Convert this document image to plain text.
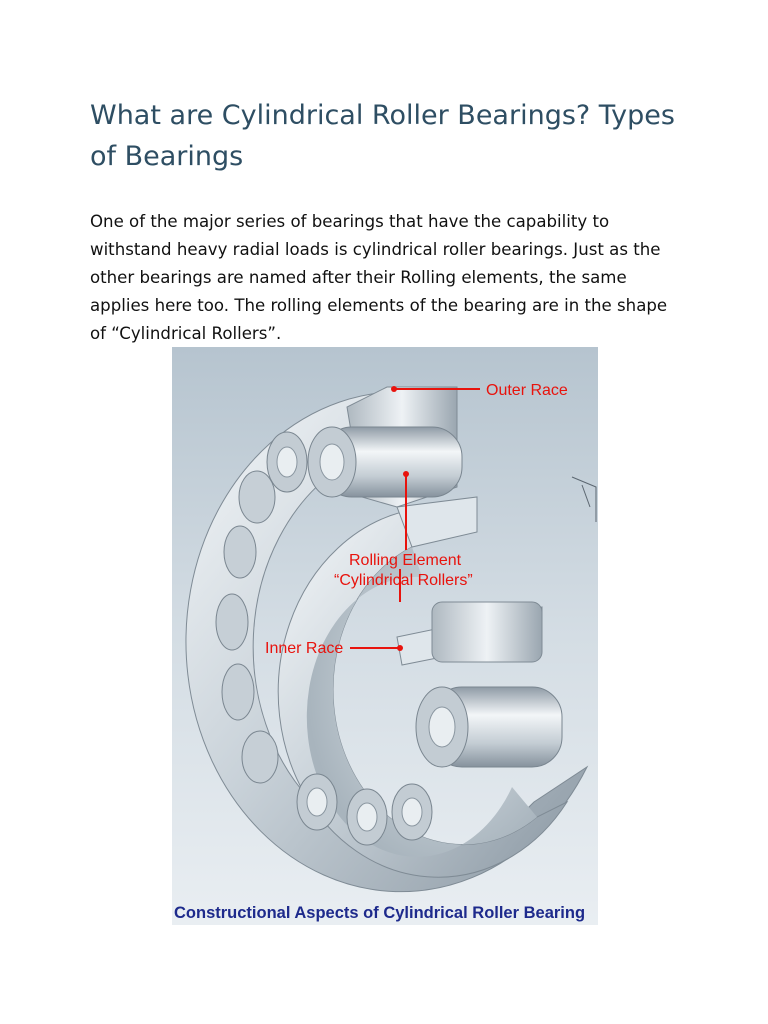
What are Cylindrical Roller Bearings? Types of Bearings

One of the major series of bearings that have the capability to withstand heavy radial loads is cylindrical roller bearings. Just as the other bearings are named after their Rolling elements, the same applies here too. The rolling elements of the bearing are in the shape of “Cylindrical Rollers”.

Outer Race
Rolling Element
“Cylindrical Rollers”
Inner Race
Constructional Aspects of Cylindrical Roller Bearing
